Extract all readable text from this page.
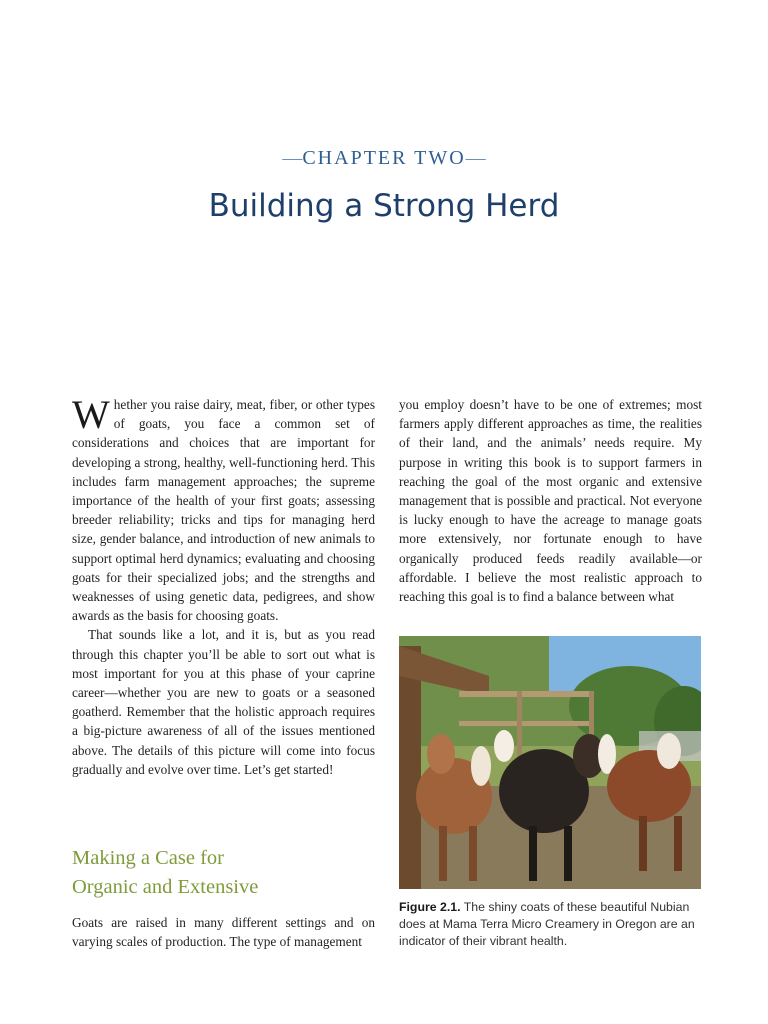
—CHAPTER TWO—
Building a Strong Herd

Whether you raise dairy, meat, fiber, or other types of goats, you face a common set of considerations and choices that are important for developing a strong, healthy, well-functioning herd. This includes farm management approaches; the supreme importance of the health of your first goats; assessing breeder reliability; tricks and tips for managing herd size, gender balance, and introduction of new animals to support optimal herd dynamics; evaluating and choosing goats for their specialized jobs; and the strengths and weaknesses of using genetic data, pedigrees, and show awards as the basis for choosing goats.

That sounds like a lot, and it is, but as you read through this chapter you’ll be able to sort out what is most important for you at this phase of your caprine career—whether you are new to goats or a seasoned goatherd. Remember that the holistic approach requires a big-picture awareness of all of the issues mentioned above. The details of this picture will come into focus gradually and evolve over time. Let’s get started!

Making a Case for
Organic and Extensive

Goats are raised in many different settings and on varying scales of production. The type of management

you employ doesn’t have to be one of extremes; most farmers apply different approaches as time, the realities of their land, and the animals’ needs require. My purpose in writing this book is to support farmers in reaching the goal of the most organic and extensive management that is possible and practical. Not everyone is lucky enough to have the acreage to manage goats more extensively, nor fortunate enough to have organically produced feeds readily available—or affordable. I believe the most realistic approach to reaching this goal is to find a balance between what

Figure 2.1. The shiny coats of these beautiful Nubian does at Mama Terra Micro Creamery in Oregon are an indicator of their vibrant health.
